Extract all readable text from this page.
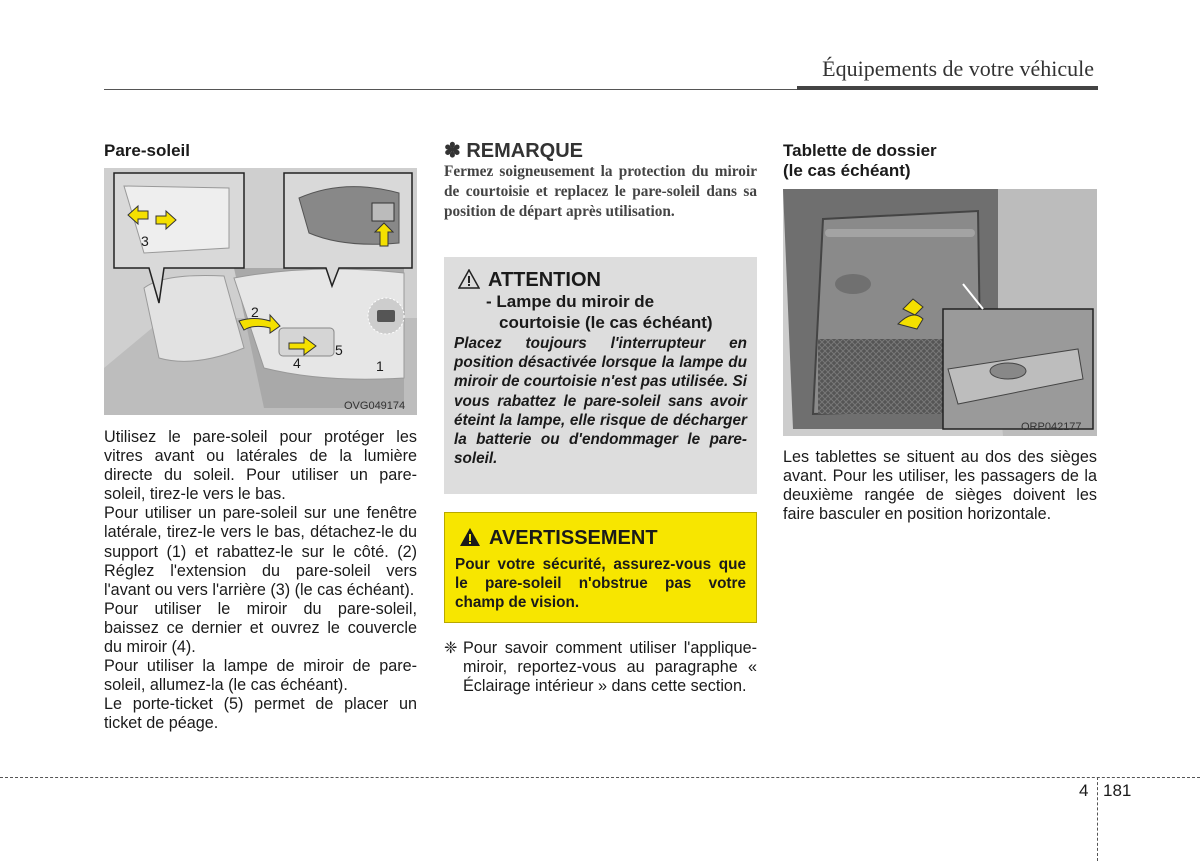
Équipements de votre véhicule
Pare-soleil
3
2
5
4	1
OVG049174

Utilisez le pare-soleil pour protéger les vitres avant ou latérales de la lumière directe du soleil. Pour utiliser un pare-soleil, tirez-le vers le bas.

Pour utiliser un pare-soleil sur une fenêtre latérale, tirez-le vers le bas, détachez-le du support (1) et rabattez-le sur le côté. (2) Réglez l'extension du pare-soleil vers l'avant ou vers l'arrière (3) (le cas échéant).

Pour utiliser le miroir du pare-soleil, baissez ce dernier et ouvrez le couvercle du miroir (4).

Pour utiliser la lampe de miroir de pare-soleil, allumez-la (le cas échéant).

Le porte-ticket (5) permet de placer un ticket de péage.

✽ REMARQUE
Fermez soigneusement la protection du miroir de courtoisie et replacez le pare-soleil dans sa position de départ après utilisation.
ATTENTION
- Lampe du miroir de
courtoisie (le cas échéant)
Placez toujours l'interrupteur en position désactivée lorsque la lampe du miroir de courtoisie n'est pas utilisée. Si vous rabattez le pare-soleil sans avoir éteint la lampe, elle risque de décharger la batterie ou d'endommager le pare-soleil.
AVERTISSEMENT
Pour votre sécurité, assurez-vous que le pare-soleil n'obstrue pas votre champ de vision.
❈ Pour savoir comment utiliser l'applique-miroir, reportez-vous au paragraphe « Éclairage intérieur » dans cette section.
Tablette de dossier
(le cas échéant)
ORP042177
Les tablettes se situent au dos des sièges avant. Pour les utiliser, les passagers de la deuxième rangée de sièges doivent les faire basculer en position horizontale.
4 181
